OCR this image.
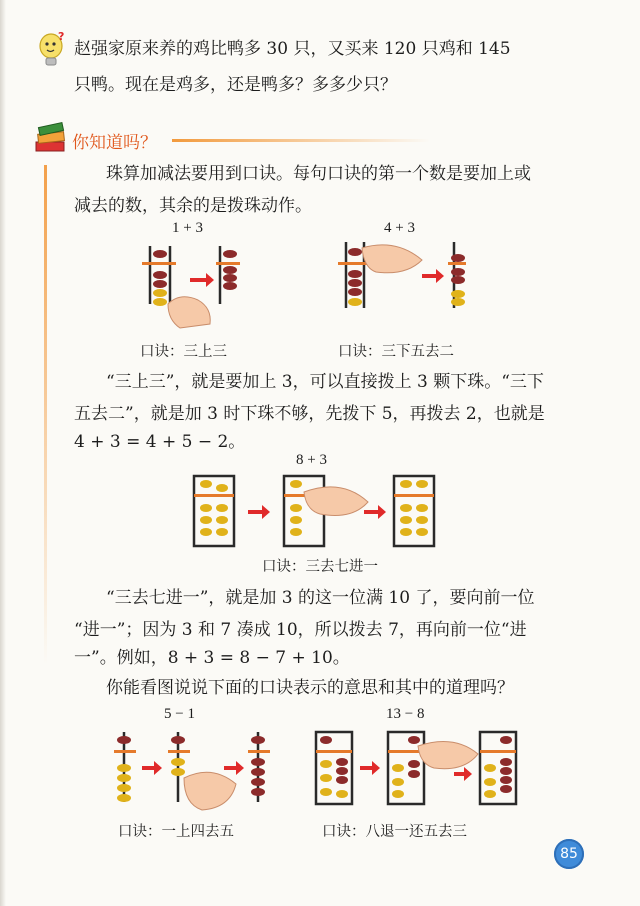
?
赵强家原来养的鸡比鸭多 30 只，又买来 120 只鸡和 145
只鸭。现在是鸡多，还是鸭多？多多少只？
你知道吗？
珠算加减法要用到口诀。每句口诀的第一个数是要加上或
减去的数，其余的是拨珠动作。
1 + 3
口诀：三上三
4 + 3
口诀：三下五去二
“三上三”，就是要加上 3，可以直接拨上 3 颗下珠。“三下
五去二”，就是加 3 时下珠不够，先拨下 5，再拨去 2，也就是
4 + 3 = 4 + 5 − 2。
8 + 3
口诀：三去七进一
“三去七进一”，就是加 3 的这一位满 10 了，要向前一位
“进一”；因为 3 和 7 凑成 10，所以拨去 7，再向前一位“进
一”。例如，8 + 3 = 8 − 7 + 10。
你能看图说说下面的口诀表示的意思和其中的道理吗？
5 − 1
口诀：一上四去五
13 − 8
口诀：八退一还五去三
85
